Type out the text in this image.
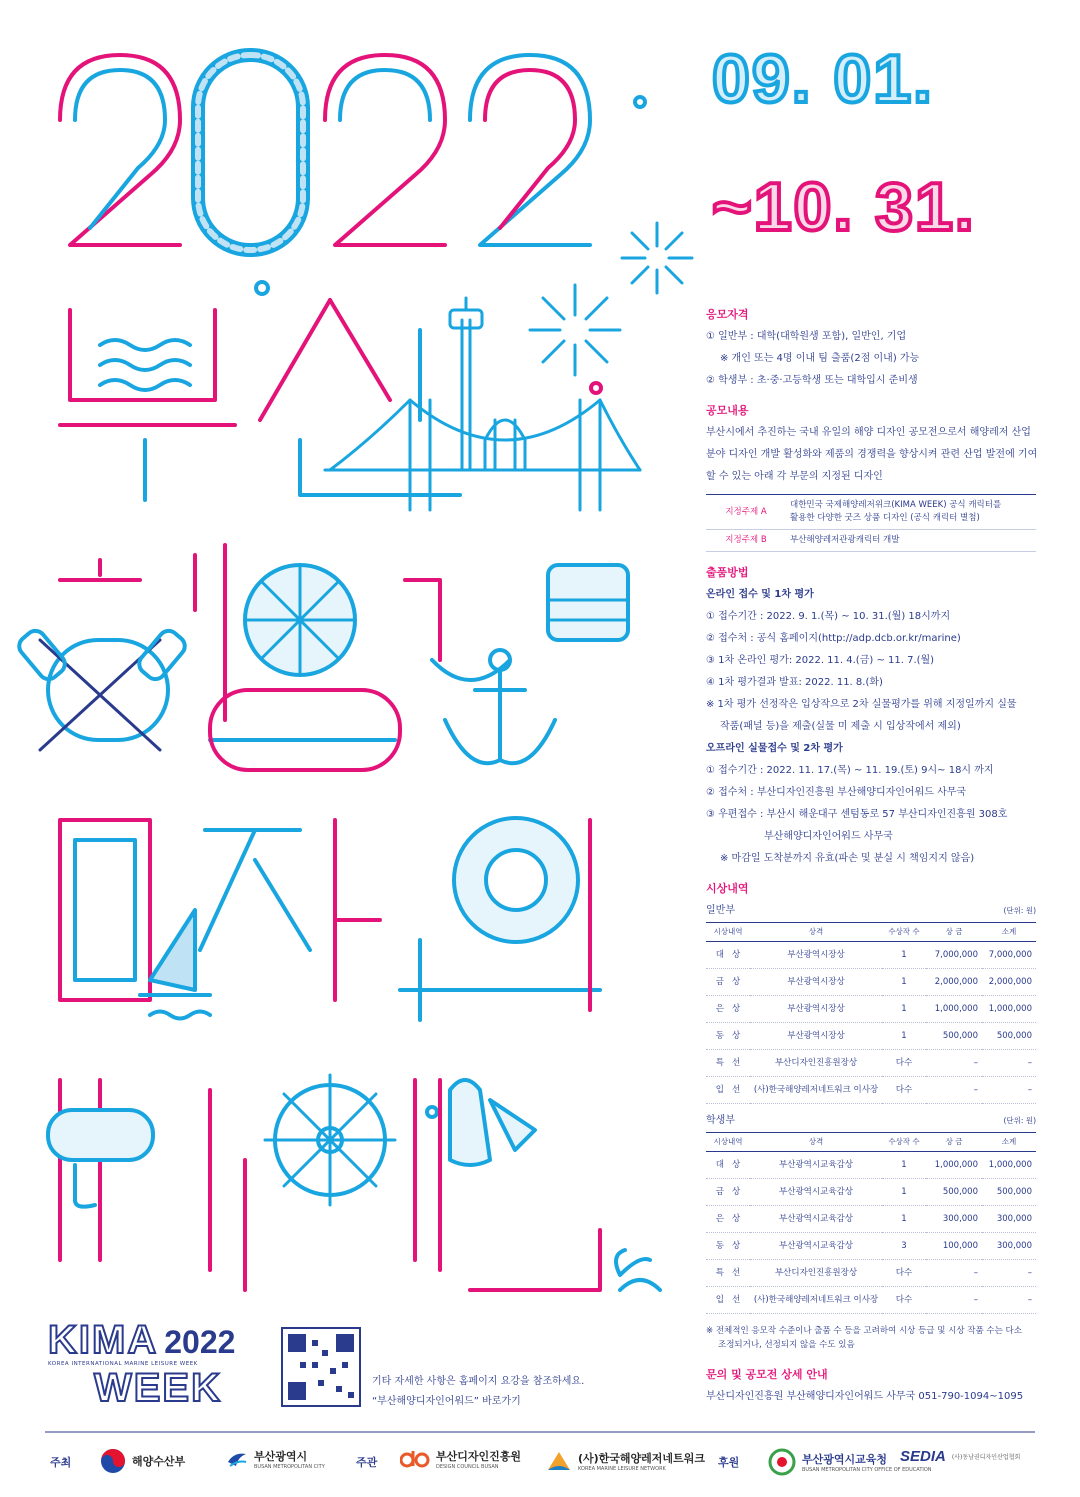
09. 01.
~10. 31.
응모자격
① 일반부 : 대학(대학원생 포함), 일반인, 기업
※ 개인 또는 4명 이내 팀 출품(2점 이내) 가능
② 학생부 : 초·중·고등학생 또는 대학입시 준비생
공모내용
부산시에서 추진하는 국내 유일의 해양 디자인 공모전으로서 해양레저 산업
분야 디자인 개발 활성화와 제품의 경쟁력을 향상시켜 관련 산업 발전에 기여
할 수 있는 아래 각 부문의 지정된 디자인
지정주제 A	대한민국 국제해양레저위크(KIMA WEEK) 공식 캐릭터를
활용한 다양한 굿즈 상품 디자인 (공식 캐릭터 별첨)

지정주제 B	부산해양레저관광캐릭터 개발
출품방법
온라인 접수 및 1차 평가
① 접수기간 : 2022. 9. 1.(목) ~ 10. 31.(월) 18시까지
② 접수처 : 공식 홈페이지(http://adp.dcb.or.kr/marine)
③ 1차 온라인 평가: 2022. 11. 4.(금) ~ 11. 7.(월)
④ 1차 평가결과 발표: 2022. 11. 8.(화)
※ 1차 평가 선정작은 입상작으로 2차 실물평가를 위해 지정일까지 실물
작품(패널 등)을 제출(실물 미 제출 시 입상작에서 제외)
오프라인 실물접수 및 2차 평가
① 접수기간 : 2022. 11. 17.(목) ~ 11. 19.(토) 9시~ 18시 까지
② 접수처 : 부산디자인진흥원 부산해양디자인어워드 사무국
③ 우편접수 : 부산시 해운대구 센텀동로 57 부산디자인진흥원 308호
부산해양디자인어워드 사무국
※ 마감일 도착분까지 유효(파손 및 분실 시 책임지지 않음)
시상내역
일반부	(단위: 원)
시상내역	상격	수상작 수	상 금	소계
대   상	부산광역시장상	1	7,000,000	7,000,000
금   상	부산광역시장상	1	2,000,000	2,000,000
은   상	부산광역시장상	1	1,000,000	1,000,000
동   상	부산광역시장상	1	500,000	500,000
특   선	부산디자인진흥원장상	다수	–	–
입   선	(사)한국해양레저네트워크 이사장	다수	–	–
학생부	(단위: 원)
시상내역	상격	수상작 수	상 금	소계
대   상	부산광역시교육감상	1	1,000,000	1,000,000
금   상	부산광역시교육감상	1	500,000	500,000
은   상	부산광역시교육감상	1	300,000	300,000
동   상	부산광역시교육감상	3	100,000	300,000
특   선	부산디자인진흥원장상	다수	–	–
입   선	(사)한국해양레저네트워크 이사장	다수	–	–
※ 전체적인 응모작 수준이나 출품 수 등을 고려하여 시상 등급 및 시상 작품 수는 다소
조정되거나, 선정되지 않을 수도 있음
문의 및 공모전 상세 안내
부산디자인진흥원 부산해양디자인어워드 사무국 051-790-1094~1095
KIMA 2022
KOREA INTERNATIONAL MARINE LEISURE WEEK
WEEK	기타 자세한 사항은 홈페이지 요강을 참조하세요.
“부산해양디자인어워드” 바로가기
주최	해양수산부	부산광역시
BUSAN METROPOLITAN CITY	주관	부산디자인진흥원
DESIGN COUNCIL BUSAN
(사)한국해양레저네트워크
KOREA MARINE LEISURE NETWORK	후원	부산광역시교육청
BUSAN METROPOLITAN CITY OFFICE OF EDUCATION
SEDIA (사)동남권디자인산업협회
